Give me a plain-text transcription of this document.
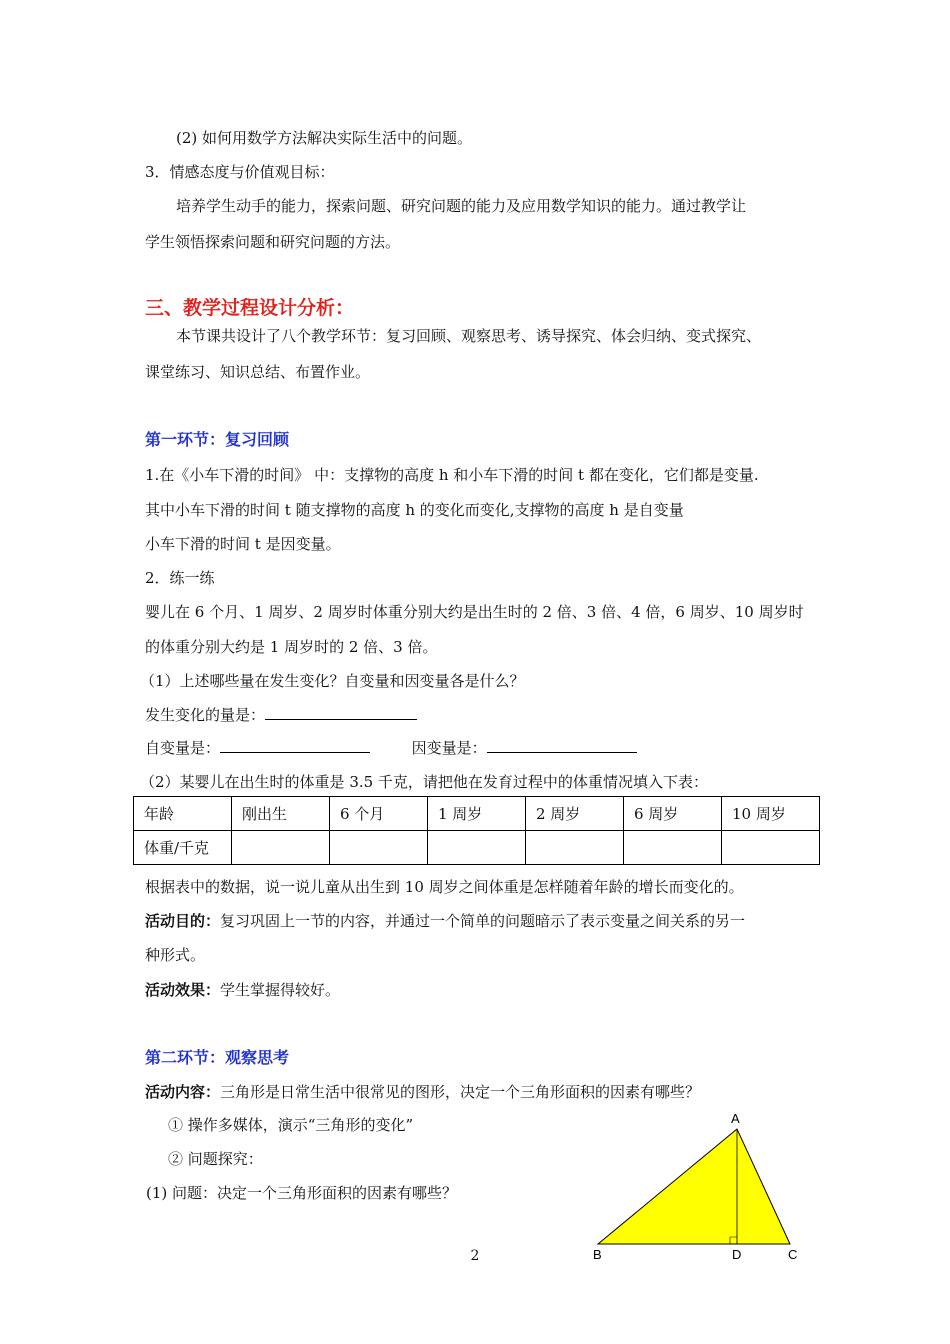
(2) 如何用数学方法解决实际生活中的问题。
3．情感态度与价值观目标：
培养学生动手的能力，探索问题、研究问题的能力及应用数学知识的能力。通过教学让
学生领悟探索问题和研究问题的方法。
三、教学过程设计分析：
本节课共设计了八个教学环节：复习回顾、观察思考、诱导探究、体会归纳、变式探究、
课堂练习、知识总结、布置作业。
第一环节：复习回顾
1.在《小车下滑的时间》 中：支撑物的高度 h 和小车下滑的时间 t 都在变化，它们都是变量.
其中小车下滑的时间 t 随支撑物的高度 h 的变化而变化,支撑物的高度 h 是自变量
小车下滑的时间 t 是因变量。
2．练一练
婴儿在 6 个月、1 周岁、2 周岁时体重分别大约是出生时的 2 倍、3 倍、4 倍，6 周岁、10 周岁时
的体重分别大约是 1 周岁时的 2 倍、3 倍。
（1）上述哪些量在发生变化？自变量和因变量各是什么？
发生变化的量是：
自变量是：	因变量是：
（2）某婴儿在出生时的体重是 3.5 千克，请把他在发育过程中的体重情况填入下表：
年龄	刚出生	6 个月	1 周岁	2 周岁	6 周岁	10 周岁
体重/千克						
根据表中的数据，说一说儿童从出生到 10 周岁之间体重是怎样随着年龄的增长而变化的。
活动目的：复习巩固上一节的内容，并通过一个简单的问题暗示了表示变量之间关系的另一
种形式。
活动效果：学生掌握得较好。
第二环节：观察思考
活动内容：三角形是日常生活中很常见的图形，决定一个三角形面积的因素有哪些？
① 操作多媒体，演示“三角形的变化”
② 问题探究：
(1) 问题：决定一个三角形面积的因素有哪些？
A
B	D	C
2
